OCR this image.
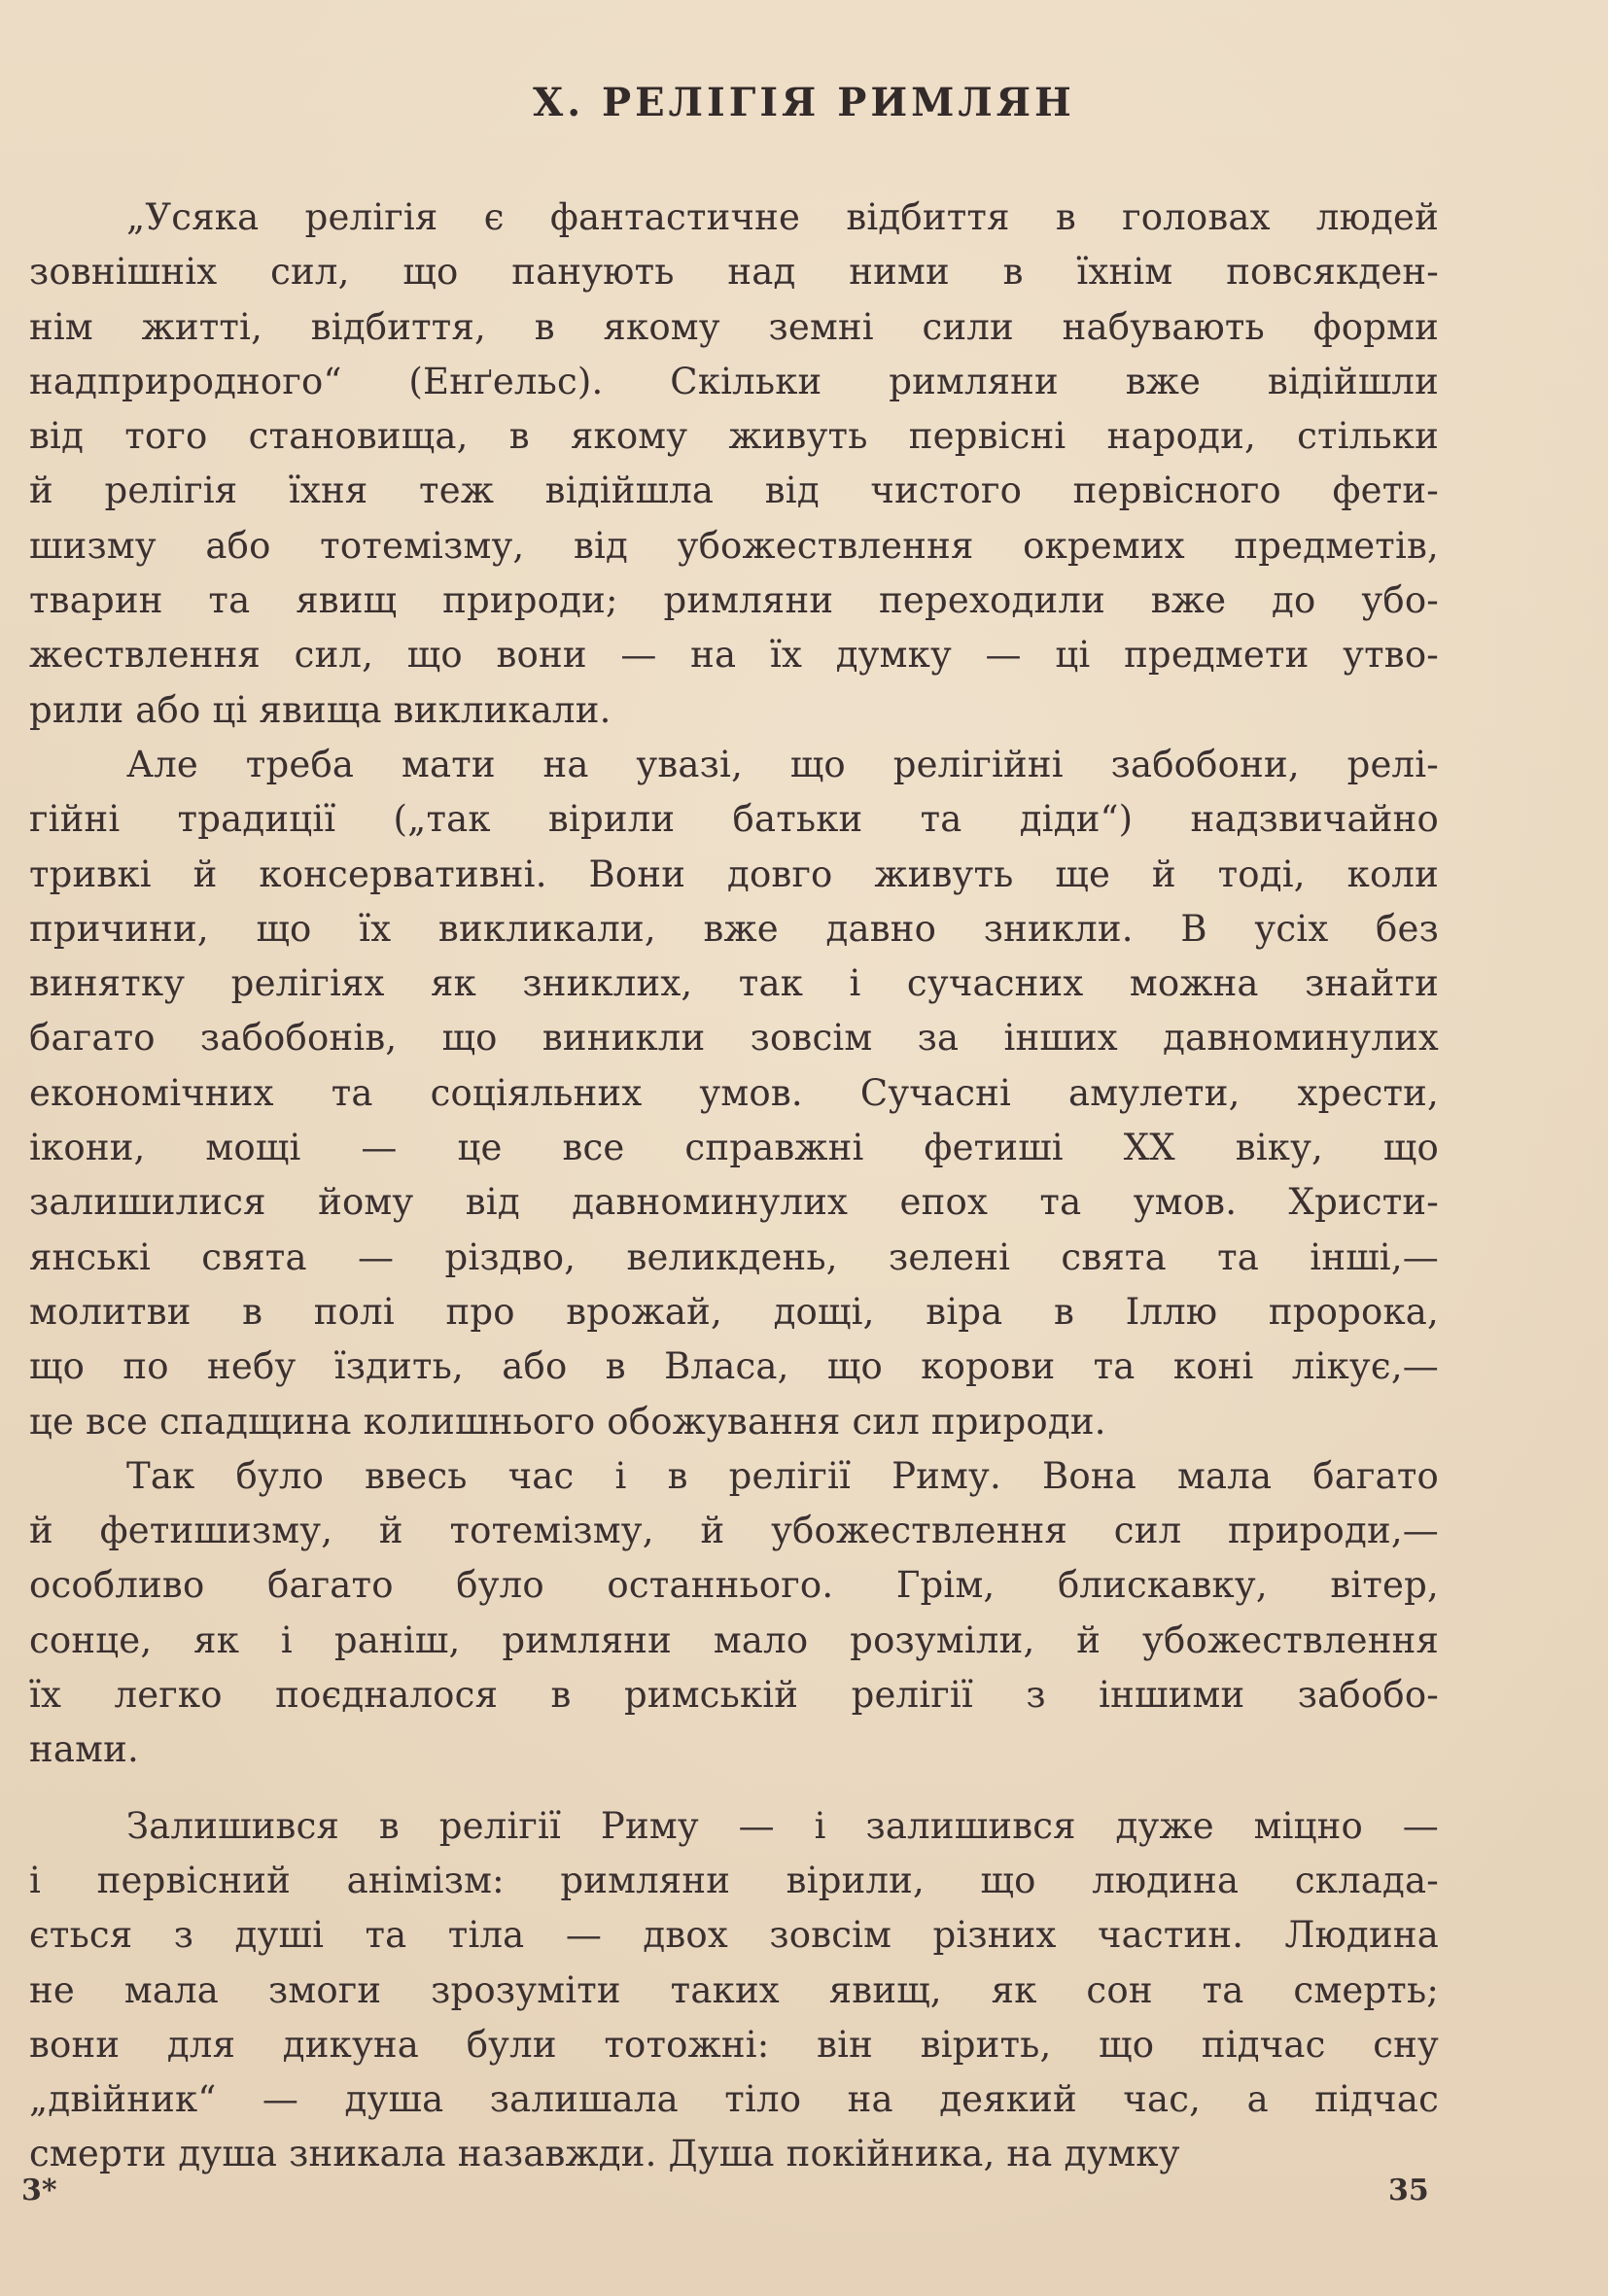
Х. РЕЛІГІЯ РИМЛЯН
„Усяка релігія є фантастичне відбиття в головах людей
зовнішніх сил, що панують над ними в їхнім повсякден-
нім житті, відбиття, в якому земні сили набувають форми
надприродного“ (Енґельс). Скільки римляни вже відійшли
від того становища, в якому живуть первісні народи, стільки
й релігія їхня теж відійшла від чистого первісного фети-
шизму або тотемізму, від убожествлення окремих предметів,
тварин та явищ природи; римляни переходили вже до убо-
жествлення сил, що вони — на їх думку — ці предмети утво-
рили або ці явища викликали.
Але треба мати на увазі, що релігійні забобони, релі-
гійні традиції („так вірили батьки та діди“) надзвичайно
тривкі й консервативні. Вони довго живуть ще й тоді, коли
причини, що їх викликали, вже давно зникли. В усіх без
винятку релігіях як зниклих, так і сучасних можна знайти
багато забобонів, що виникли зовсім за інших давноминулих
економічних та соціяльних умов. Сучасні амулети, хрести,
ікони, мощі — це все справжні фетиші XX віку, що
залишилися йому від давноминулих епох та умов. Христи-
янські свята — різдво, великдень, зелені свята та інші,—
молитви в полі про врожай, дощі, віра в Іллю пророка,
що по небу їздить, або в Власа, що корови та коні лікує,—
це все спадщина колишнього обожування сил природи.
Так було ввесь час і в релігії Риму. Вона мала багато
й фетишизму, й тотемізму, й убожествлення сил природи,—
особливо багато було останнього. Грім, блискавку, вітер,
сонце, як і раніш, римляни мало розуміли, й убожествлення
їх легко поєдналося в римській релігії з іншими забобо-
нами.
Залишився в релігії Риму — і залишився дуже міцно —
і первісний анімізм: римляни вірили, що людина склада-
ється з душі та тіла — двох зовсім різних частин. Людина
не мала змоги зрозуміти таких явищ, як сон та смерть;
вони для дикуна були тотожні: він вірить, що підчас сну
„двійник“ — душа залишала тіло на деякий час, а підчас
смерти душа зникала назавжди. Душа покійника, на думку
3*	35
